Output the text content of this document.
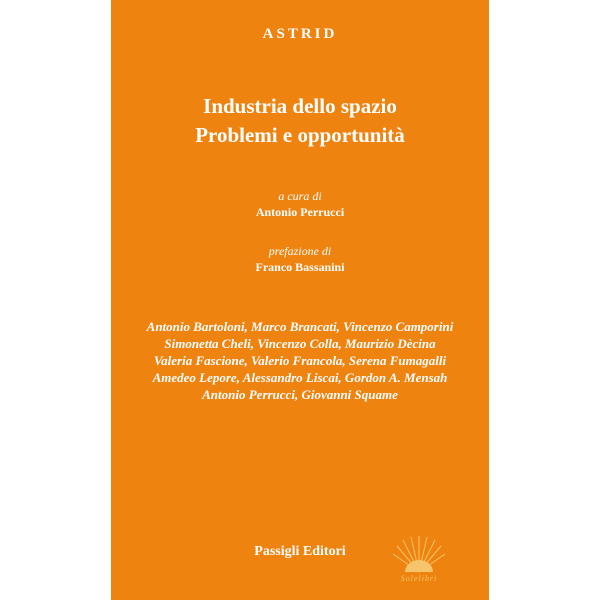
ASTRID
Industria dello spazio
Problemi e opportunità
a cura di
Antonio Perrucci
prefazione di
Franco Bassanini
Antonio Bartoloni, Marco Brancati, Vincenzo Camporini
Simonetta Cheli, Vincenzo Colla, Maurizio Dècina
Valeria Fascione, Valerio Francola, Serena Fumagalli
Amedeo Lepore, Alessandro Liscai, Gordon A. Mensah
Antonio Perrucci, Giovanni Squame
Passigli Editori
Solelibri
